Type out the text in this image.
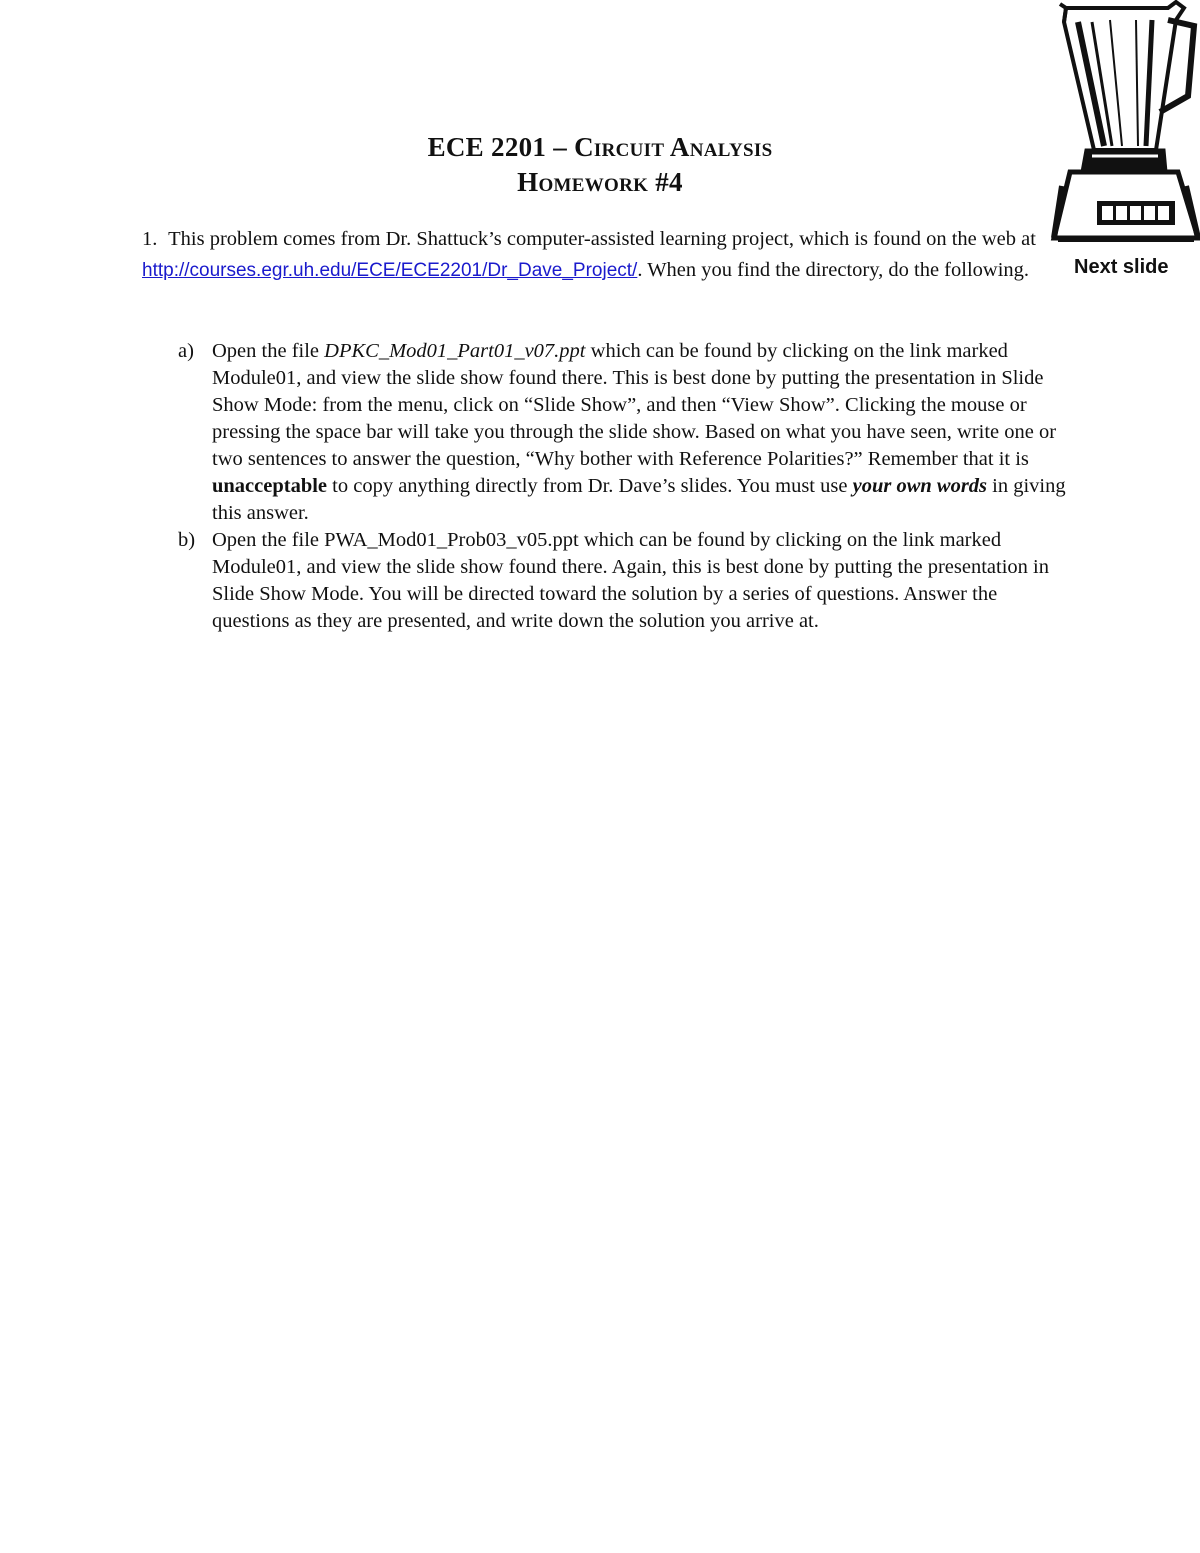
Next slide
ECE 2201 – Circuit Analysis
Homework #4
1. This problem comes from Dr. Shattuck’s computer-assisted learning project, which is found on the web at http://courses.egr.uh.edu/ECE/ECE2201/Dr_Dave_Project/. When you find the directory, do the following.
a) Open the file DPKC_Mod01_Part01_v07.ppt which can be found by clicking on the link marked Module01, and view the slide show found there. This is best done by putting the presentation in Slide Show Mode: from the menu, click on “Slide Show”, and then “View Show”. Clicking the mouse or pressing the space bar will take you through the slide show. Based on what you have seen, write one or two sentences to answer the question, “Why bother with Reference Polarities?” Remember that it is unacceptable to copy anything directly from Dr. Dave’s slides. You must use your own words in giving this answer.
b) Open the file PWA_Mod01_Prob03_v05.ppt which can be found by clicking on the link marked Module01, and view the slide show found there. Again, this is best done by putting the presentation in Slide Show Mode. You will be directed toward the solution by a series of questions. Answer the questions as they are presented, and write down the solution you arrive at.
